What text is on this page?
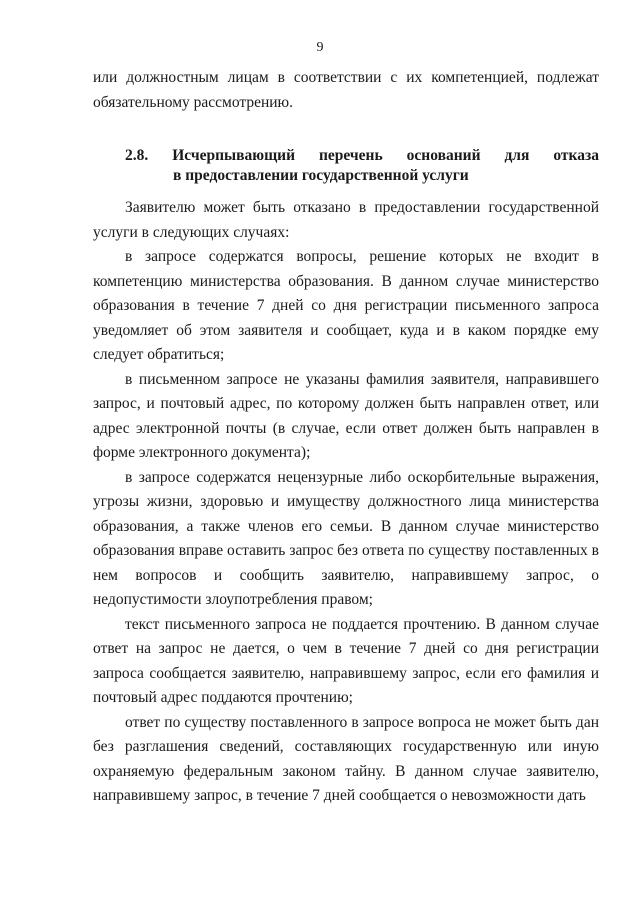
9

или должностным лицам в соответствии с их компетенцией, подлежат обязательному рассмотрению.

2.8. Исчерпывающий перечень оснований для отказа
в предоставлении государственной услуги

Заявителю может быть отказано в предоставлении государственной услуги в следующих случаях:

в запросе содержатся вопросы, решение которых не входит в компетенцию министерства образования. В данном случае министерство образования в течение 7 дней со дня регистрации письменного запроса уведомляет об этом заявителя и сообщает, куда и в каком порядке ему следует обратиться;

в письменном запросе не указаны фамилия заявителя, направившего запрос, и почтовый адрес, по которому должен быть направлен ответ, или адрес электронной почты (в случае, если ответ должен быть направлен в форме электронного документа);

в запросе содержатся нецензурные либо оскорбительные выражения, угрозы жизни, здоровью и имуществу должностного лица министерства образования, а также членов его семьи. В данном случае министерство образования вправе оставить запрос без ответа по существу поставленных в нем вопросов и сообщить заявителю, направившему запрос, о недопустимости злоупотребления правом;

текст письменного запроса не поддается прочтению. В данном случае ответ на запрос не дается, о чем в течение 7 дней со дня регистрации запроса сообщается заявителю, направившему запрос, если его фамилия и почтовый адрес поддаются прочтению;

ответ по существу поставленного в запросе вопроса не может быть дан без разглашения сведений, составляющих государственную или иную охраняемую федеральным законом тайну. В данном случае заявителю, направившему запрос, в течение 7 дней сообщается о невозможности дать
